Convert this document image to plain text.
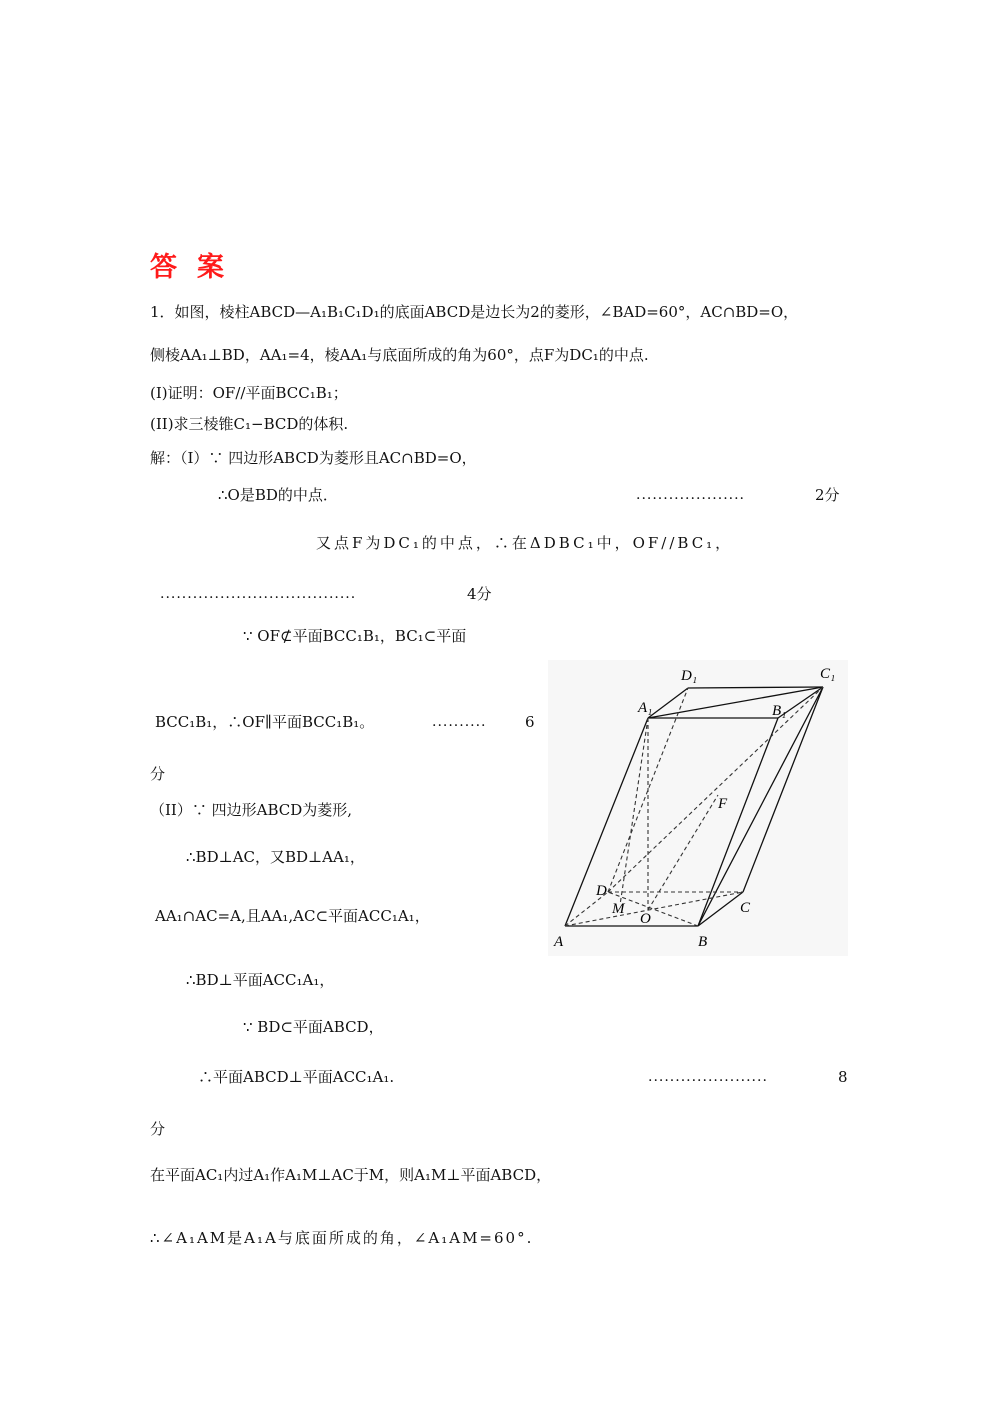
答案
1．如图，棱柱ABCD—A₁B₁C₁D₁的底面ABCD是边长为2的菱形，∠BAD=60°，AC∩BD=O，
侧棱AA₁⊥BD，AA₁=4，棱AA₁与底面所成的角为60°，点F为DC₁的中点.
(I)证明：OF//平面BCC₁B₁；
(II)求三棱锥C₁−BCD的体积.
解：（I）∵ 四边形ABCD为菱形且AC∩BD=O，
∴O是BD的中点．	....................	2分
又点F为DC₁的中点，∴在ΔDBC₁中，OF//BC₁，
....................................	4分
∵ OF⊄平面BCC₁B₁，BC₁⊂平面
BCC₁B₁，∴OF∥平面BCC₁B₁。	..........	6
分
（II）∵ 四边形ABCD为菱形,
∴BD⊥AC，又BD⊥AA₁，
AA₁∩AC=A,且AA₁,AC⊂平面ACC₁A₁，
∴BD⊥平面ACC₁A₁，
∵ BD⊂平面ABCD，
∴平面ABCD⊥平面ACC₁A₁.	......................	8
分
在平面AC₁内过A₁作A₁M⊥AC于M，则A₁M⊥平面ABCD，
∴∠A₁AM是A₁A与底面所成的角，∠A₁AM=60°.
D₁	C₁
A₁	B₁
F
D
M
O
C
A	B
